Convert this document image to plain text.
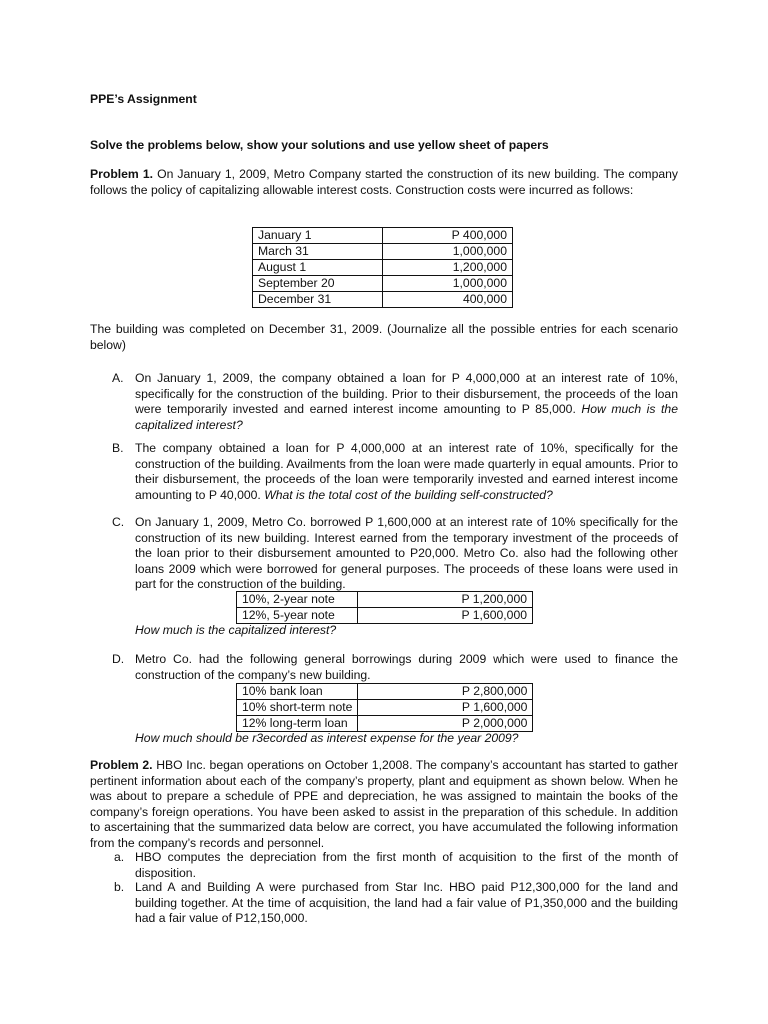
PPE’s Assignment
Solve the problems below, show your solutions and use yellow sheet of papers
Problem 1. On January 1, 2009, Metro Company started the construction of its new building. The company follows the policy of capitalizing allowable interest costs. Construction costs were incurred as follows:
January 1	P 400,000
March 31	1,000,000
August 1	1,200,000
September 20	1,000,000
December 31	400,000
The building was completed on December 31, 2009. (Journalize all the possible entries for each scenario below)
A. On January 1, 2009, the company obtained a loan for P 4,000,000 at an interest rate of 10%, specifically for the construction of the building. Prior to their disbursement, the proceeds of the loan were temporarily invested and earned interest income amounting to P 85,000. How much is the capitalized interest?
B. The company obtained a loan for P 4,000,000 at an interest rate of 10%, specifically for the construction of the building. Availments from the loan were made quarterly in equal amounts. Prior to their disbursement, the proceeds of the loan were temporarily invested and earned interest income amounting to P 40,000. What is the total cost of the building self-constructed?
C. On January 1, 2009, Metro Co. borrowed P 1,600,000 at an interest rate of 10% specifically for the construction of its new building. Interest earned from the temporary investment of the proceeds of the loan prior to their disbursement amounted to P20,000. Metro Co. also had the following other loans 2009 which were borrowed for general purposes. The proceeds of these loans were used in part for the construction of the building.
10%, 2-year note	P 1,200,000
12%, 5-year note	P 1,600,000
How much is the capitalized interest?
D. Metro Co. had the following general borrowings during 2009 which were used to finance the construction of the company’s new building.
10% bank loan	P 2,800,000
10% short-term note	P 1,600,000
12% long-term loan	P 2,000,000
How much should be r3ecorded as interest expense for the year 2009?
Problem 2. HBO Inc. began operations on October 1,2008. The company’s accountant has started to gather pertinent information about each of the company’s property, plant and equipment as shown below. When he was about to prepare a schedule of PPE and depreciation, he was assigned to maintain the books of the company’s foreign operations. You have been asked to assist in the preparation of this schedule. In addition to ascertaining that the summarized data below are correct, you have accumulated the following information from the company’s records and personnel.
a. HBO computes the depreciation from the first month of acquisition to the first of the month of disposition.
b. Land A and Building A were purchased from Star Inc. HBO paid P12,300,000 for the land and building together. At the time of acquisition, the land had a fair value of P1,350,000 and the building had a fair value of P12,150,000.
